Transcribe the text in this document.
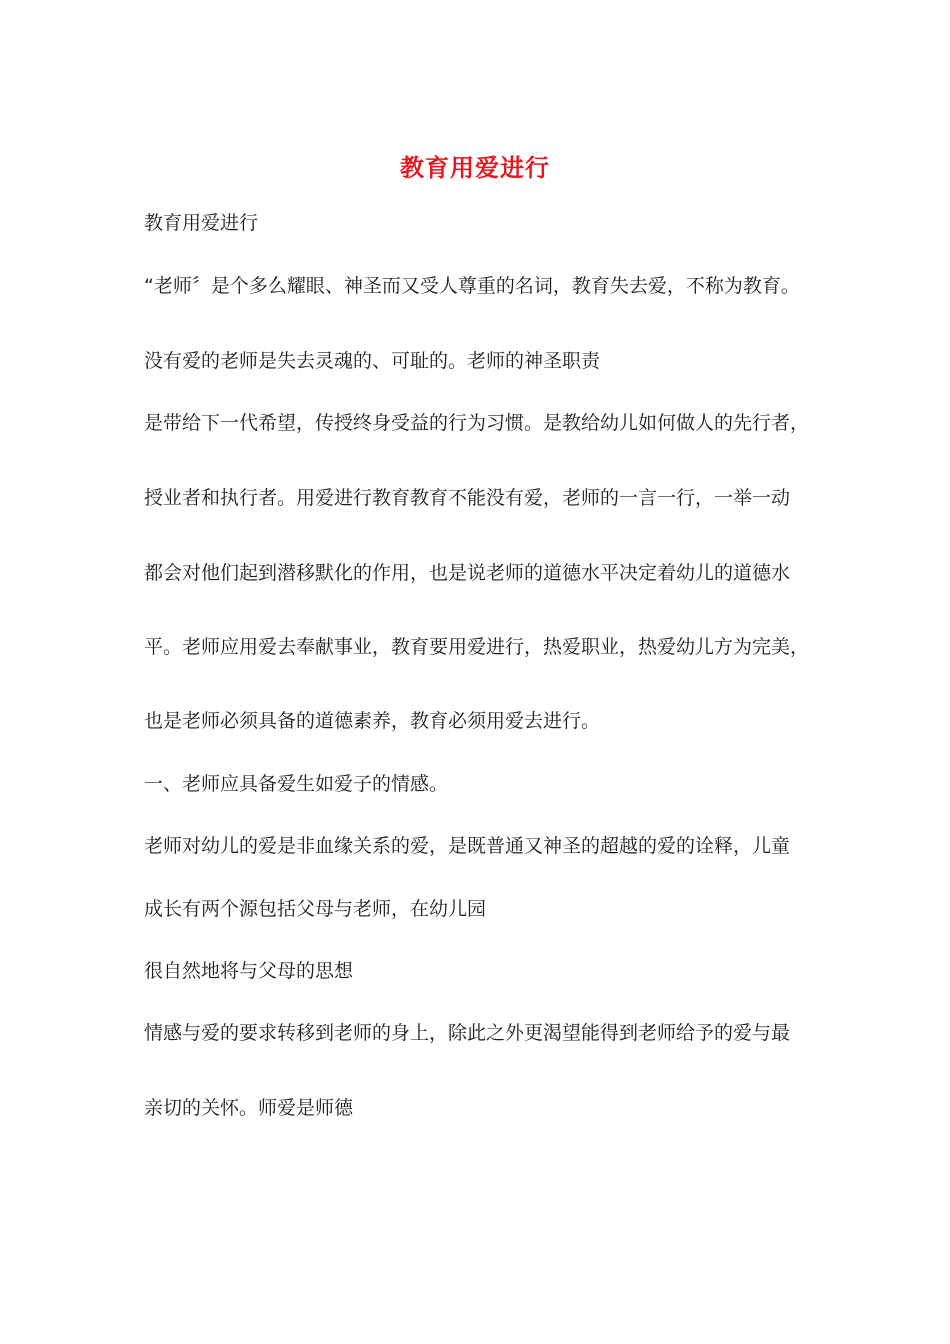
教育用爱进行
教育用爱进行
“老师〞是个多么耀眼、神圣而又受人尊重的名词，教育失去爱，不称为教育。
没有爱的老师是失去灵魂的、可耻的。老师的神圣职责
是带给下一代希望，传授终身受益的行为习惯。是教给幼儿如何做人的先行者，
授业者和执行者。用爱进行教育教育不能没有爱，老师的一言一行，一举一动
都会对他们起到潜移默化的作用，也是说老师的道德水平决定着幼儿的道德水
平。老师应用爱去奉献事业，教育要用爱进行，热爱职业，热爱幼儿方为完美，
也是老师必须具备的道德素养，教育必须用爱去进行。
一、老师应具备爱生如爱子的情感。
老师对幼儿的爱是非血缘关系的爱，是既普通又神圣的超越的爱的诠释，儿童
成长有两个源包括父母与老师，在幼儿园
很自然地将与父母的思想
情感与爱的要求转移到老师的身上，除此之外更渴望能得到老师给予的爱与最
亲切的关怀。师爱是师德
